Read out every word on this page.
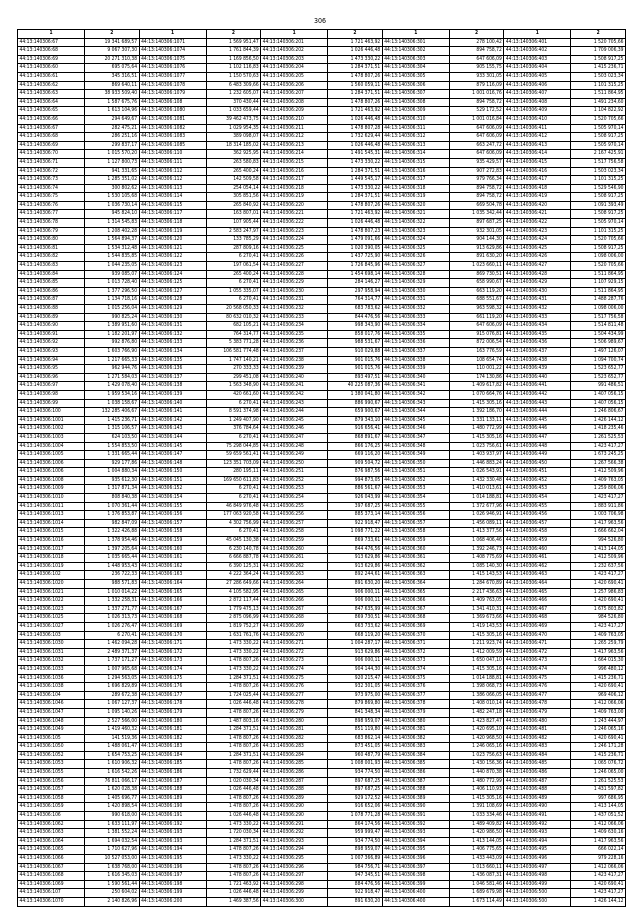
306
1	2	1	2	1	2	1	2	1	2
44:13:140306:67	19 341 689,57	44:13:140306:1071	1 569 951,47	44:13:140306:201	1 721 463,92	44:13:140306:301	278 100,42	44:13:140306:401	1 520 705,66
44:13:140306:68	9 067 307,30	44:13:140306:1074	1 761 844,39	44:13:140306:202	1 026 446,48	44:13:140306:302	894 758,72	44:13:140306:402	1 709 006,39
44:13:140306:69	20 271 310,38	44:13:140306:1075	1 169 856,50	44:13:140306:203	1 473 330,22	44:13:140306:303	647 606,09	44:13:140306:403	1 508 917,25
44:13:140306:60	695 075,64	44:13:140306:1076	1 102 116,83	44:13:140306:204	1 284 371,51	44:13:140306:304	905 155,75	44:13:140306:404	1 415 236,71
44:13:140306:61	345 316,51	44:13:140306:1077	1 150 570,63	44:13:140306:205	1 478 807,26	44:13:140306:305	933 301,05	44:13:140306:405	1 503 023,34
44:13:140306:62	869 640,11	44:13:140306:1078	6 483 309,66	44:13:140306:206	1 560 059,11	44:13:140306:306	879 116,09	44:13:140306:406	1 101 315,25
44:13:140306:63	38 933 509,40	44:13:140306:1079	1 232 605,07	44:13:140306:207	1 284 371,51	44:13:140306:307	1 001 016,76	44:13:140306:407	1 511 864,95
44:13:140306:64	1 587 675,76	44:13:140306:108	370 430,44	44:13:140306:208	1 478 807,26	44:13:140306:308	894 758,72	44:13:140306:408	1 491 234,60
44:13:140306:65	1 613 104,96	44:13:140306:1080	1 033 659,44	44:13:140306:209	1 721 463,92	44:13:140306:309	529 172,52	44:13:140306:409	1 104 822,92
44:13:140306:66	294 649,67	44:13:140306:1081	39 462 473,75	44:13:140306:210	1 026 446,48	44:13:140306:310	1 001 016,84	44:13:140306:410	1 520 705,66
44:13:140306:67	282 475,21	44:13:140306:1082	1 029 954,35	44:13:140306:211	1 478 807,28	44:13:140306:311	647 606,09	44:13:140306:411	1 505 970,14
44:13:140306:68	286 251,16	44:13:140306:1083	389 098,07	44:13:140306:212	1 732 629,44	44:13:140306:312	647 606,09	44:13:140306:412	1 508 917,25
44:13:140306:69	299 837,17	44:13:140306:1085	18 314 185,02	44:13:140306:213	1 026 446,48	44:13:140306:313	663 247,72	44:13:140306:413	1 505 970,14
44:13:140306:70	1 015 570,20	44:13:140306:110	362 925,95	44:13:140306:214	1 491 545,31	44:13:140306:314	647 606,09	44:13:140306:414	2 167 425,91
44:13:140306:71	1 127 800,73	44:13:140306:111	263 580,83	44:13:140306:215	1 473 330,22	44:13:140306:315	935 429,57	44:13:140306:415	1 517 756,58
44:13:140306:72	941 331,65	44:13:140306:112	265 400,24	44:13:140306:216	1 284 371,51	44:13:140306:316	907 272,83	44:13:140306:416	1 503 023,34
44:13:140306:73	1 285 351,02	44:13:140306:112	142 509,58	44:13:140306:217	1 449 545,17	44:13:140306:317	979 766,34	44:13:140306:417	1 101 315,25
44:13:140306:74	300 802,62	44:13:140306:113	254 054,14	44:13:140306:218	1 473 330,22	44:13:140306:318	894 758,72	44:13:140306:418	1 529 546,90
44:13:140306:75	1 530 105,68	44:13:140306:114	305 851,56	44:13:140306:219	1 284 371,51	44:13:140306:319	894 758,72	44:13:140306:419	1 508 917,25
44:13:140306:76	1 036 730,14	44:13:140306:115	265 840,92	44:13:140306:220	1 478 807,26	44:13:140306:320	669 504,78	44:13:140306:420	1 091 393,49
44:13:140306:77	945 824,10	44:13:140306:117	163 807,01	44:13:140306:221	1 721 463,92	44:13:140306:321	1 035 342,44	44:13:140306:421	1 508 917,25
44:13:140306:78	1 314 545,83	44:13:140306:118	107 905,44	44:13:140306:222	1 026 446,48	44:13:140306:322	897 687,25	44:13:140306:422	1 505 970,14
44:13:140306:79	1 208 402,28	44:13:140306:119	2 583 247,97	44:13:140306:223	1 478 807,23	44:13:140306:323	932 301,05	44:13:140306:423	1 101 315,25
44:13:140306:80	1 564 894,37	44:13:140306:120	133 785,29	44:13:140306:224	1 479 091,66	44:13:140306:324	904 144,30	44:13:140306:424	1 520 705,66
44:13:140306:81	1 534 312,48	44:13:140306:121	287 809,16	44:13:140306:225	1 020 390,05	44:13:140306:325	913 629,86	44:13:140306:425	1 508 917,25
44:13:140306:82	1 544 835,85	44:13:140306:122	6 270,41	44:13:140306:226	1 437 725,90	44:13:140306:326	891 630,20	44:13:140306:426	1 098 006,00
44:13:140306:83	1 044 235,05	44:13:140306:123	197 061,54	44:13:140306:227	1 726 845,96	44:13:140306:327	1 023 660,11	44:13:140306:427	1 520 705,66
44:13:140306:84	939 085,07	44:13:140306:124	265 400,24	44:13:140306:228	1 454 698,14	44:13:140306:328	869 730,51	44:13:140306:428	1 511 864,95
44:13:140306:85	1 013 728,40	44:13:140306:125	6 270,41	44:13:140306:229	284 146,27	44:13:140306:329	658 990,67	44:13:140306:429	1 107 929,15
44:13:140306:86	1 377 296,50	44:13:140306:127	1 055 335,07	44:13:140306:230	297 958,94	44:13:140306:330	663 119,20	44:13:140306:430	1 511 864,95
44:13:140306:87	1 134 718,16	44:13:140306:128	6 270,41	44:13:140306:231	764 314,77	44:13:140306:331	688 551,67	44:13:140306:431	1 488 287,76
44:13:140306:88	1 015 256,04	44:13:140306:129	20 568 050,33	44:13:140306:232	683 783,62	44:13:140306:332	963 598,32	44:13:140306:432	1 098 006,00
44:13:140306:89	990 825,24	44:13:140306:130	80 632 010,32	44:13:140306:233	844 476,56	44:13:140306:333	661 119,20	44:13:140306:433	1 517 756,58
44:13:140306:90	1 389 951,60	44:13:140306:131	682 105,21	44:13:140306:234	998 343,90	44:13:140306:334	647 606,09	44:13:140306:434	1 514 811,48
44:13:140306:91	1 182 201,97	44:13:140306:132	764 314,77	44:13:140306:235	858 017,76	44:13:140306:335	915 076,81	44:13:140306:435	1 504 434,99
44:13:140306:92	992 876,80	44:13:140306:133	5 383 771,28	44:13:140306:236	988 531,67	44:13:140306:336	872 006,54	44:13:140306:436	1 506 989,67
44:13:140306:93	1 603 766,90	44:13:140306:134	106 581 774,48	44:13:140306:237	910 029,88	44:13:140306:337	163 776,59	44:13:140306:437	1 497 126,07
44:13:140306:94	1 217 665,33	44:13:140306:135	1 747 140,21	44:13:140306:238	901 015,76	44:13:140306:338	108 654,74	44:13:140306:438	1 094 700,74
44:13:140306:95	962 944,76	44:13:140306:136	270 333,33	44:13:140306:239	901 015,76	44:13:140306:339	110 001,22	44:13:140306:439	1 523 652,77
44:13:140306:96	1 271 584,03	44:13:140306:137	299 451,08	44:13:140306:240	893 497,51	44:13:140306:340	174 130,86	44:13:140306:440	1 523 652,77
44:13:140306:97	1 429 078,40	44:13:140306:138	1 563 348,90	44:13:140306:241	40 225 087,36	44:13:140306:341	1 409 617,82	44:13:140306:441	991 486,51
44:13:140306:98	1 959 534,16	44:13:140306:139	420 661,60	44:13:140306:242	1 380 041,80	44:13:140306:342	1 070 664,76	44:13:140306:442	1 407 056,15
44:13:140306:99	1 038 158,67	44:13:140306:140	6 270,41	44:13:140306:243	886 990,67	44:13:140306:343	1 415 305,16	44:13:140306:443	1 407 056,15
44:13:140306:100	132 285 406,67	44:13:140306:141	8 591 374,98	44:13:140306:244	659 900,67	44:13:140306:344	1 392 186,70	44:13:140306:444	1 246 806,67
44:13:140306:1001	1 415 236,71	44:13:140306:142	1 249 407,90	44:13:140306:245	879 343,10	44:13:140306:345	1 331 133,11	44:13:140306:445	1 426 144,12
44:13:140306:1002	1 315 106,57	44:13:140306:143	376 784,64	44:13:140306:246	916 656,41	44:13:140306:346	1 480 772,99	44:13:140306:446	1 418 235,46
44:13:140306:1003	624 103,50	44:13:140306:144	6 270,41	44:13:140306:247	868 891,67	44:13:140306:347	1 415 305,16	44:13:140306:447	1 261 525,53
44:13:140306:1004	1 554 853,50	44:13:140306:145	75 298 044,85	44:13:140306:248	866 176,25	44:13:140306:348	1 023 756,61	44:13:140306:448	1 423 417,27
44:13:140306:1005	1 331 665,44	44:13:140306:147	59 659 561,41	44:13:140306:249	669 116,20	44:13:140306:349	1 403 937,97	44:13:140306:449	1 673 245,25
44:13:140306:1006	929 177,86	44:13:140306:148	123 351 703,09	44:13:140306:250	909 504,72	44:13:140306:350	1 446 883,24	44:13:140306:450	1 267 566,38
44:13:140306:1006	1 004 880,34	44:13:140306:150	280 195,11	44:13:140306:251	876 987,56	44:13:140306:351	1 026 543,91	44:13:140306:451	1 412 509,96
44:13:140306:1008	935 612,30	44:13:140306:151	169 650 611,83	44:13:140306:252	994 873,05	44:13:140306:352	1 432 330,48	44:13:140306:452	1 409 763,05
44:13:140306:1009	1 317 871,34	44:13:140306:152	6 270,41	44:13:140306:253	886 561,67	44:13:140306:353	1 410 013,61	44:13:140306:453	1 259 806,06
44:13:140306:1010	808 840,38	44:13:140306:154	6 270,41	44:13:140306:254	926 043,99	44:13:140306:354	1 014 188,81	44:13:140306:454	1 423 417,27
44:13:140306:1011	1 070 361,44	44:13:140306:155	46 849 976,48	44:13:140306:255	397 687,25	44:13:140306:355	1 372 677,96	44:13:140306:455	1 883 911,86
44:13:140306:1013	1 376 853,87	44:13:140306:156	177 063 920,58	44:13:140306:256	885 373,14	44:13:140306:356	1 026 946,91	44:13:140306:456	1 003 706,98
44:13:140306:1014	982 847,09	44:13:140306:157	4 302 756,99	44:13:140306:257	922 918,47	44:13:140306:357	1 456 089,11	44:13:140306:457	1 417 963,56
44:13:140306:1015	1 322 426,88	44:13:140306:158	6 270,41	44:13:140306:258	1 098 771,22	44:13:140306:358	1 413 377,56	44:13:140306:458	1 666 662,04
44:13:140306:1016	1 378 954,46	44:13:140306:159	45 045 130,38	44:13:140306:259	869 733,61	44:13:140306:359	1 068 406,46	44:13:140306:459	994 526,80
44:13:140306:1017	1 397 205,64	44:13:140306:160	6 230 140,78	44:13:140306:260	844 476,56	44:13:140306:360	1 392 246,73	44:13:140306:460	1 413 144,05
44:13:140306:1018	1 035 665,44	44:13:140306:161	6 666 887,78	44:13:140306:261	913 629,86	44:13:140306:361	1 408 775,69	44:13:140306:461	1 412 509,96
44:13:140306:1019	1 448 953,43	44:13:140306:162	6 390 125,31	44:13:140306:262	913 629,86	44:13:140306:362	1 085 140,30	44:13:140306:462	1 232 637,56
44:13:140306:102	236 722,33	44:13:140306:163	4 222 364,24	44:13:140306:263	892 244,61	44:13:140306:363	1 415 143,53	44:13:140306:463	1 423 417,27
44:13:140306:1020	988 571,83	44:13:140306:164	27 286 649,66	44:13:140306:264	891 630,20	44:13:140306:364	1 284 670,89	44:13:140306:464	1 420 690,41
44:13:140306:1021	1 010 014,22	44:13:140306:165	4 105 582,95	44:13:140306:265	906 000,11	44:13:140306:365	2 217 436,63	44:13:140306:465	1 257 986,83
44:13:140306:1022	1 332 258,31	44:13:140306:166	2 872 117,44	44:13:140306:266	906 000,11	44:13:140306:366	1 409 763,05	44:13:140306:466	1 420 690,41
44:13:140306:1023	1 337 271,77	44:13:140306:167	1 779 475,13	44:13:140306:267	847 635,99	44:13:140306:367	1 341 410,31	44:13:140306:467	1 675 803,82
44:13:140306:1025	1 026 313,73	44:13:140306:168	2 875 096,99	44:13:140306:268	869 730,51	44:13:140306:368	1 369 673,66	44:13:140306:468	984 526,80
44:13:140306:1027	1 026 276,47	44:13:140306:169	1 819 752,27	44:13:140306:269	663 733,62	44:13:140306:369	1 419 143,53	44:13:140306:469	1 423 417,27
44:13:140306:103	6 270,41	44:13:140306:170	1 631 761,76	44:13:140306:270	668 119,20	44:13:140306:370	1 415 305,16	44:13:140306:470	1 409 763,05
44:13:140306:1030	1 462 094,28	44:13:140306:171	1 473 330,22	44:13:140306:271	1 004 287,17	44:13:140306:371	1 211 923,74	44:13:140306:471	1 265 259,79
44:13:140306:1031	2 489 371,37	44:13:140306:172	1 473 330,22	44:13:140306:272	913 629,86	44:13:140306:372	1 412 009,59	44:13:140306:472	1 417 963,56
44:13:140306:1032	1 737 171,27	44:13:140306:173	1 478 807,26	44:13:140306:273	906 000,11	44:13:140306:373	1 650 047,10	44:13:140306:473	1 664 015,30
44:13:140306:1033	1 007 965,68	44:13:140306:174	1 473 330,22	44:13:140306:274	904 144,30	44:13:140306:374	1 415 305,16	44:13:140306:474	996 480,12
44:13:140306:1036	1 294 563,05	44:13:140306:175	1 284 371,51	44:13:140306:275	920 215,47	44:13:140306:375	1 014 188,81	44:13:140306:475	1 415 236,71
44:13:140306:1038	1 696 829,89	44:13:140306:176	1 478 807,26	44:13:140306:276	932 301,05	44:13:140306:376	1 398 068,73	44:13:140306:476	1 420 690,41
44:13:140306:104	289 672,38	44:13:140306:177	1 724 025,44	44:13:140306:277	973 975,00	44:13:140306:377	1 386 066,05	44:13:140306:477	969 406,12
44:13:140306:1046	1 067 127,37	44:13:140306:178	1 026 446,48	44:13:140306:278	879 869,80	44:13:140306:378	1 408 010,14	44:13:140306:478	1 412 066,06
44:13:140306:1047	1 095 140,26	44:13:140306:179	1 478 807,26	44:13:140306:279	841 348,34	44:13:140306:379	1 482 247,18	44:13:140306:479	1 409 763,00
44:13:140306:1048	2 527 566,00	44:13:140306:180	1 487 803,16	44:13:140306:280	898 959,07	44:13:140306:380	1 423 827,47	44:13:140306:480	1 243 444,97
44:13:140306:1049	1 419 460,32	44:13:140306:181	1 284 371,51	44:13:140306:281	851 119,80	44:13:140306:381	1 420 695,10	44:13:140306:481	1 246 065,16
44:13:140306:105	141 519,36	44:13:140306:182	1 478 807,26	44:13:140306:282	683 862,14	44:13:140306:382	1 420 968,50	44:13:140306:482	1 420 690,41
44:13:140306:1050	1 488 061,47	44:13:140306:183	1 478 807,26	44:13:140306:283	873 451,05	44:13:140306:383	1 246 065,16	44:13:140306:483	1 246 171,28
44:13:140306:1052	1 654 753,25	44:13:140306:184	1 284 371,51	44:13:140306:284	960 487,79	44:13:140306:384	1 023 756,63	44:13:140306:484	1 415 236,71
44:13:140306:1053	1 610 906,32	44:13:140306:185	1 478 807,26	44:13:140306:285	1 008 001,93	44:13:140306:385	1 430 156,36	44:13:140306:485	1 065 076,72
44:13:140306:1055	1 616 542,26	44:13:140306:186	1 732 629,44	44:13:140306:286	934 774,50	44:13:140306:386	1 440 870,38	44:13:140306:486	1 246 065,00
44:13:140306:1056	76 811 066,17	44:13:140306:187	1 020 030,34	44:13:140306:287	897 687,25	44:13:140306:387	1 480 772,99	44:13:140306:487	1 261 525,53
44:13:140306:1057	1 620 028,38	44:13:140306:188	1 026 446,48	44:13:140306:288	897 687,25	44:13:140306:388	1 406 110,93	44:13:140306:488	1 431 597,82
44:13:140306:1058	1 405 696,77	44:13:140306:189	1 478 807,26	44:13:140306:289	929 172,52	44:13:140306:389	1 415 305,16	44:13:140306:489	997 686,95
44:13:140306:1059	1 420 898,54	44:13:140306:190	1 478 807,26	44:13:140306:290	916 652,06	44:13:140306:390	1 391 108,69	44:13:140306:490	1 413 144,05
44:13:140306:106	990 618,00	44:13:140306:191	1 026 446,48	44:13:140306:290	1 078 771,28	44:13:140306:391	1 033 334,46	44:13:140306:491	1 437 051,52
44:13:140306:1062	1 633 111,97	44:13:140306:192	1 473 330,22	44:13:140306:291	864 174,56	44:13:140306:392	1 489 409,82	44:13:140306:492	1 412 066,06
44:13:140306:1063	1 381 552,24	44:13:140306:193	1 720 030,34	44:13:140306:292	959 999,47	44:13:140306:393	1 420 986,50	44:13:140306:493	1 409 630,16
44:13:140306:1064	1 694 032,54	44:13:140306:193	1 284 371,51	44:13:140306:293	934 774,50	44:13:140306:394	1 413 144,05	44:13:140306:494	1 417 963,56
44:13:140306:1065	1 710 627,96	44:13:140306:194	1 478 807,26	44:13:140306:294	898 959,07	44:13:140306:395	1 406 775,65	44:13:140306:495	666 022,14
44:13:140306:1066	10 527 053,00	44:13:140306:195	1 473 330,22	44:13:140306:295	1 007 366,89	44:13:140306:396	1 433 443,09	44:13:140306:496	979 228,16
44:13:140306:1067	1 638 768,00	44:13:140306:196	1 478 807,26	44:13:140306:296	984 756,71	44:13:140306:397	1 013 660,11	44:13:140306:497	1 412 066,06
44:13:140306:1068	1 616 345,03	44:13:140306:197	1 478 807,26	44:13:140306:297	947 345,51	44:13:140306:398	1 436 087,31	44:13:140306:498	1 423 417,27
44:13:140306:1069	1 590 561,44	44:13:140306:198	1 721 463,92	44:13:140306:298	884 476,56	44:13:140306:399	1 046 581,46	44:13:140306:499	1 420 690,41
44:13:140306:107	250 604,02	44:13:140306:199	1 026 446,48	44:13:140306:299	922 918,47	44:13:140306:400	1 689 679,98	44:13:140306:500	1 423 417,27
44:13:140306:1070	2 140 826,96	44:13:140306:200	1 469 387,56	44:13:140306:300	891 630,20	44:13:140306:400	1 673 114,49	44:13:140306:500	1 426 144,12
